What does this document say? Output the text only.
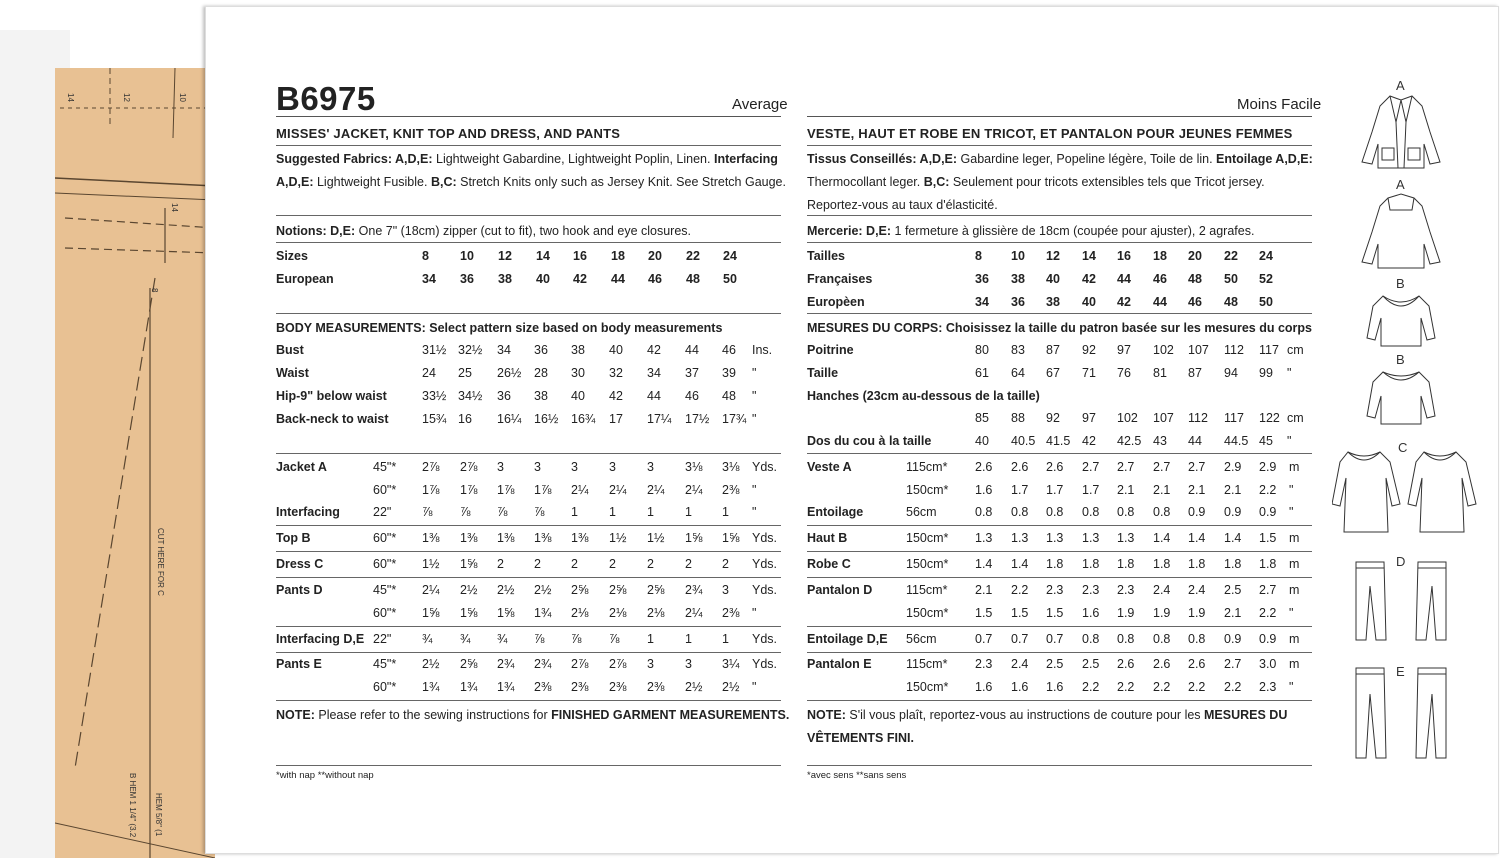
14	12	10
14
8
CUT HERE FOR C
B HEM 1 1/4" (3.2 HEM 5/8" (1
B6975	Average
MISSES' JACKET, KNIT TOP AND DRESS, AND PANTS
Suggested Fabrics: A,D,E: Lightweight Gabardine, Lightweight Poplin, Linen. Interfacing
A,D,E: Lightweight Fusible. B,C: Stretch Knits only such as Jersey Knit. See Stretch Gauge.
Notions: D,E: One 7" (18cm) zipper (cut to fit), two hook and eye closures.
Sizes	8 10 12 14 16 18 20 22 24
European	34 36 38 40 42 44 46 48 50
BODY MEASUREMENTS: Select pattern size based on body measurements
Bust	31½ 32½ 34 36 38 40 42 44 46 Ins.
Waist	24 25 26½ 28 30 32 34 37 39 "
Hip-9" below waist	33½ 34½ 36 38 40 42 44 46 48 "
Back-neck to waist	15¾ 16 16¼ 16½ 16¾ 17 17¼ 17½ 17¾ "
Jacket A	45"* 2⅞ 2⅞ 3 3 3 3 3 3⅛ 3⅛ Yds.
60"* 1⅞ 1⅞ 1⅞ 1⅞ 2¼ 2¼ 2¼ 2¼ 2⅜ "
Interfacing	22" ⅞ ⅞ ⅞ ⅞ 1 1 1 1 1 "
Top B	60"* 1⅜ 1⅜ 1⅜ 1⅜ 1⅜ 1½ 1½ 1⅝ 1⅝ Yds.
Dress C	60"* 1½ 1⅝ 2 2 2 2 2 2 2 Yds.
Pants D	45"* 2¼ 2½ 2½ 2½ 2⅝ 2⅝ 2⅝ 2¾ 3 Yds.
60"* 1⅝ 1⅝ 1⅝ 1¾ 2⅛ 2⅛ 2⅛ 2¼ 2⅜ "
Interfacing D,E 22" ¾ ¾ ¾ ⅞ ⅞ ⅞ 1 1 1 Yds.
Pants E	45"* 2½ 2⅝ 2¾ 2¾ 2⅞ 2⅞ 3 3 3¼ Yds.
60"* 1¾ 1¾ 1¾ 2⅜ 2⅜ 2⅜ 2⅜ 2½ 2½ "
NOTE: Please refer to the sewing instructions for FINISHED GARMENT MEASUREMENTS.
*with nap **without nap
Moins Facile
VESTE, HAUT ET ROBE EN TRICOT, ET PANTALON POUR JEUNES FEMMES
Tissus Conseillés: A,D,E: Gabardine leger, Popeline légère, Toile de lin. Entoilage A,D,E:
Thermocollant leger. B,C: Seulement pour tricots extensibles tels que Tricot jersey.
Reportez-vous au taux d'élasticité.
Mercerie: D,E: 1 fermeture à glissière de 18cm (coupée pour ajuster), 2 agrafes.
Tailles	8 10 12 14 16 18 20 22 24
Françaises	36 38 40 42 44 46 48 50 52
Europèen	34 36 38 40 42 44 46 48 50
MESURES DU CORPS: Choisissez la taille du patron basée sur les mesures du corps
Poitrine	80 83 87 92 97 102 107 112 117 cm
Taille	61 64 67 71 76 81 87 94 99 "
Hanches (23cm au-dessous de la taille)
85 88 92 97 102 107 112 117 122 cm
Dos du cou à la taille	40 40.5 41.5 42 42.5 43 44 44.5 45 "
Veste A	115cm* 2.6 2.6 2.6 2.7 2.7 2.7 2.7 2.9 2.9 m
150cm* 1.6 1.7 1.7 1.7 2.1 2.1 2.1 2.1 2.2 "
Entoilage	56cm	0.8 0.8 0.8 0.8 0.8 0.8 0.9 0.9 0.9 "
Haut B	150cm* 1.3 1.3 1.3 1.3 1.3 1.4 1.4 1.4 1.5 m
Robe C	150cm* 1.4 1.4 1.8 1.8 1.8 1.8 1.8 1.8 1.8 m
Pantalon D	115cm* 2.1 2.2 2.3 2.3 2.3 2.4 2.4 2.5 2.7 m
150cm* 1.5 1.5 1.5 1.6 1.9 1.9 1.9 2.1 2.2 "
Entoilage D,E 56cm	0.7 0.7 0.7 0.8 0.8 0.8 0.8 0.9 0.9 m
Pantalon E	115cm* 2.3 2.4 2.5 2.5 2.6 2.6 2.6 2.7 3.0 m
150cm* 1.6 1.6 1.6 2.2 2.2 2.2 2.2 2.2 2.3 "
NOTE: S'il vous plaît, reportez-vous au instructions de couture pour les MESURES DU
VÊTEMENTS FINI.
*avec sens **sans sens
A
A
B
B
C
D
E
